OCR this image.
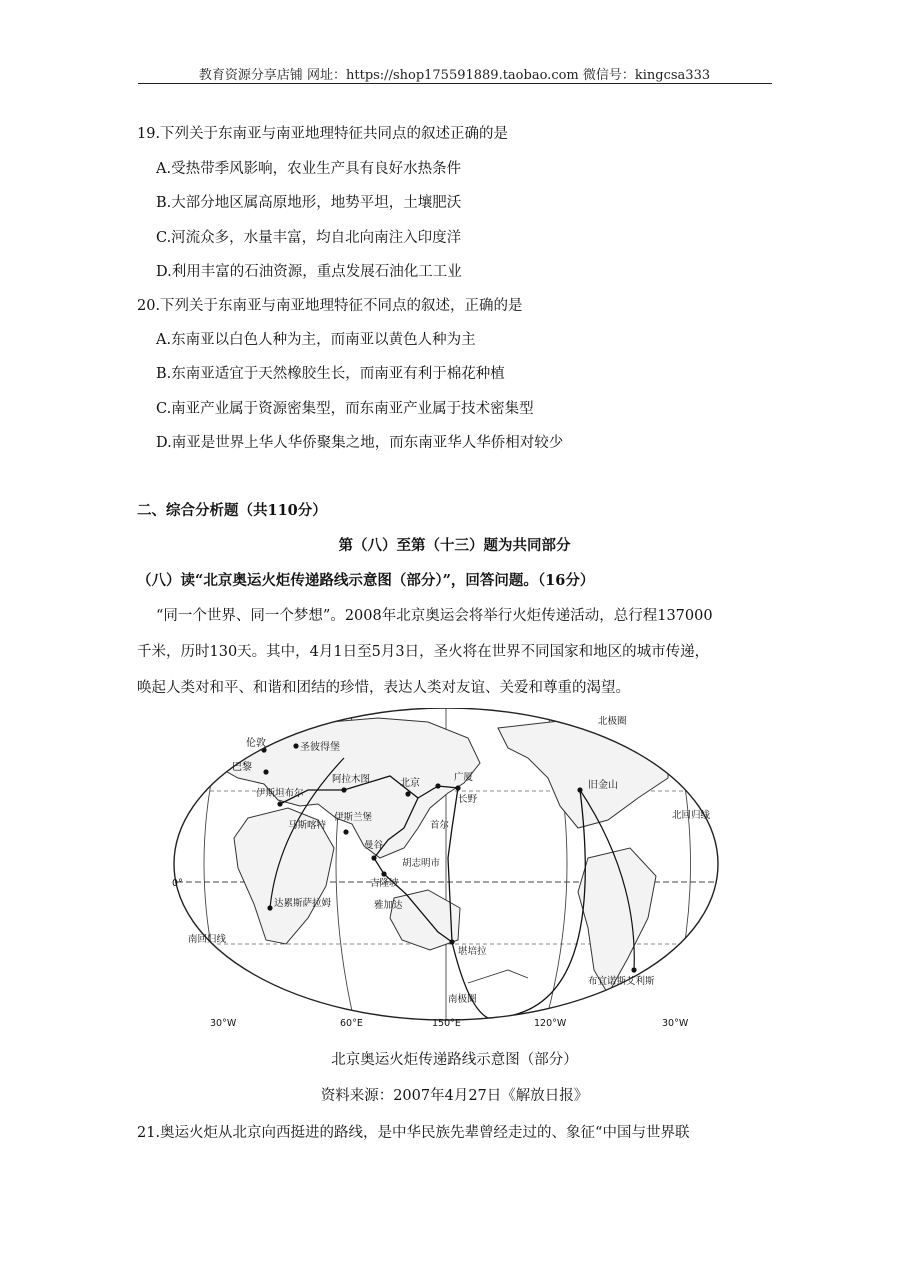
教育资源分享店铺 网址：https://shop175591889.taobao.com 微信号：kingcsa333
19.下列关于东南亚与南亚地理特征共同点的叙述正确的是
A.受热带季风影响，农业生产具有良好水热条件
B.大部分地区属高原地形，地势平坦，土壤肥沃
C.河流众多，水量丰富，均自北向南注入印度洋
D.利用丰富的石油资源，重点发展石油化工工业
20.下列关于东南亚与南亚地理特征不同点的叙述，正确的是
A.东南亚以白色人种为主，而南亚以黄色人种为主
B.东南亚适宜于天然橡胶生长，而南亚有利于棉花种植
C.南亚产业属于资源密集型，而东南亚产业属于技术密集型
D.南亚是世界上华人华侨聚集之地，而东南亚华人华侨相对较少
二、综合分析题（共110分）
第（八）至第（十三）题为共同部分
（八）读“北京奥运火炬传递路线示意图（部分）”，回答问题。（16分）
“同一个世界、同一个梦想”。2008年北京奥运会将举行火炬传递活动，总行程137000
千米，历时130天。其中，4月1日至5月3日，圣火将在世界不同国家和地区的城市传递，
唤起人类对和平、和谐和团结的珍惜，表达人类对友谊、关爱和尊重的渴望。
伦敦
巴黎
圣彼得堡
伊斯坦布尔
马斯喀特
阿拉木图	北京
伊斯兰堡
曼谷
吉隆坡
胡志明市
雅加达
首尔
广厦
长野
堪培拉
达累斯萨拉姆
旧金山
布宜诺斯艾利斯
北回归线
南回归线
南极圈
北极圈
0°
30°W	60°E	150°E	120°W	30°W
北京奥运火炬传递路线示意图（部分）
资料来源：2007年4月27日《解放日报》
21.奥运火炬从北京向西挺进的路线，是中华民族先辈曾经走过的、象征“中国与世界联
